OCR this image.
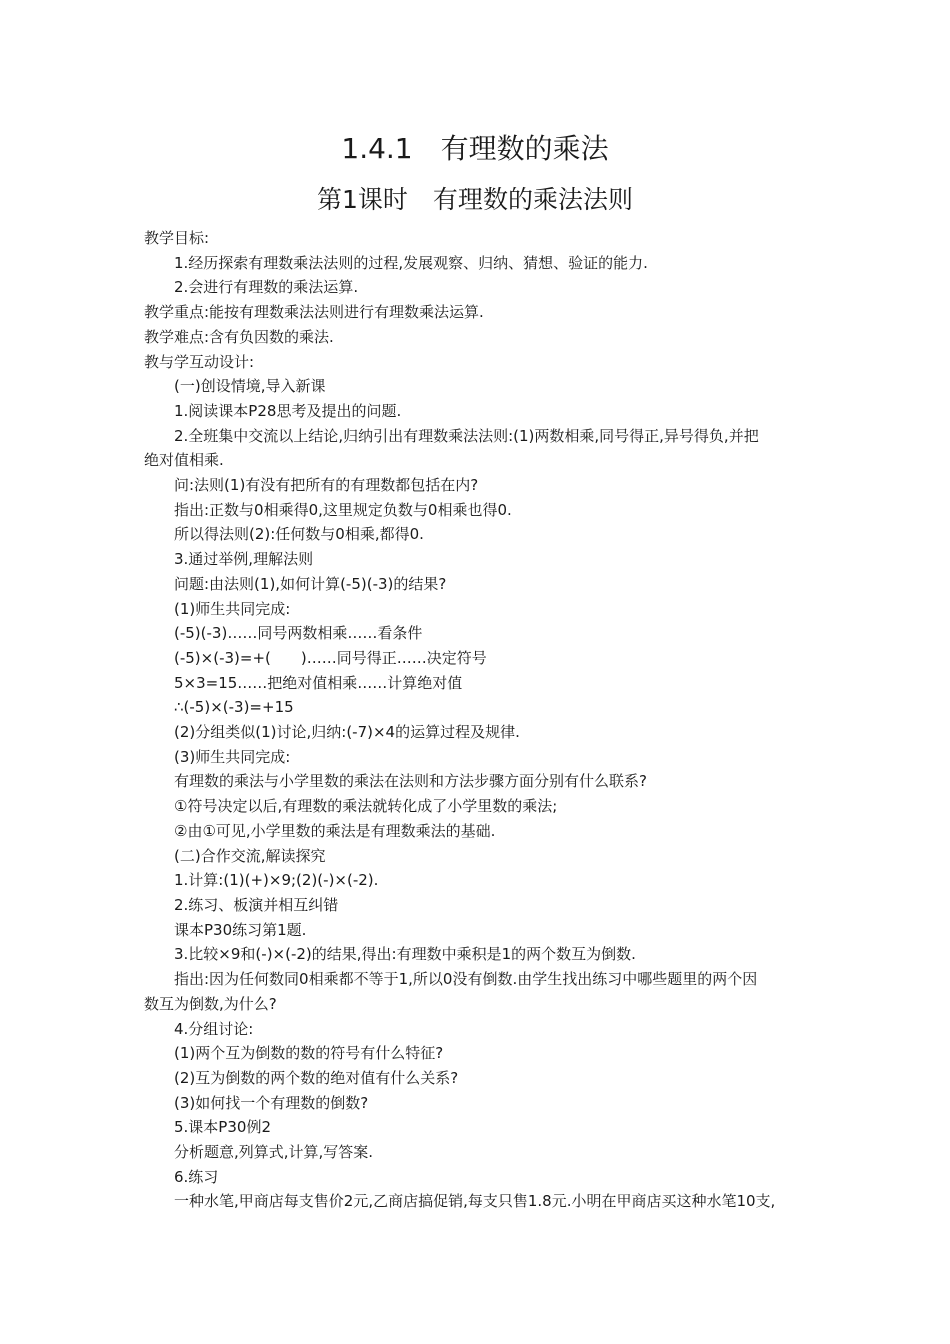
1.4.1　有理数的乘法
第1课时　有理数的乘法法则
教学目标:
1.经历探索有理数乘法法则的过程,发展观察、归纳、猜想、验证的能力.
2.会进行有理数的乘法运算.
教学重点:能按有理数乘法法则进行有理数乘法运算.
教学难点:含有负因数的乘法.
教与学互动设计:
(一)创设情境,导入新课
1.阅读课本P28思考及提出的问题.
2.全班集中交流以上结论,归纳引出有理数乘法法则:(1)两数相乘,同号得正,异号得负,并把
绝对值相乘.
问:法则(1)有没有把所有的有理数都包括在内?
指出:正数与0相乘得0,这里规定负数与0相乘也得0.
所以得法则(2):任何数与0相乘,都得0.
3.通过举例,理解法则
问题:由法则(1),如何计算(-5)(-3)的结果?
(1)师生共同完成:
(-5)(-3)……同号两数相乘……看条件
(-5)×(-3)=+(　　)……同号得正……决定符号
5×3=15……把绝对值相乘……计算绝对值
∴(-5)×(-3)=+15
(2)分组类似(1)讨论,归纳:(-7)×4的运算过程及规律.
(3)师生共同完成:
有理数的乘法与小学里数的乘法在法则和方法步骤方面分别有什么联系?
①符号决定以后,有理数的乘法就转化成了小学里数的乘法;
②由①可见,小学里数的乘法是有理数乘法的基础.
(二)合作交流,解读探究
1.计算:(1)(+)×9;(2)(-)×(-2).
2.练习、板演并相互纠错
课本P30练习第1题.
3.比较×9和(-)×(-2)的结果,得出:有理数中乘积是1的两个数互为倒数.
指出:因为任何数同0相乘都不等于1,所以0没有倒数.由学生找出练习中哪些题里的两个因
数互为倒数,为什么?
4.分组讨论:
(1)两个互为倒数的数的符号有什么特征?
(2)互为倒数的两个数的绝对值有什么关系?
(3)如何找一个有理数的倒数?
5.课本P30例2
分析题意,列算式,计算,写答案.
6.练习
一种水笔,甲商店每支售价2元,乙商店搞促销,每支只售1.8元.小明在甲商店买这种水笔10支,
